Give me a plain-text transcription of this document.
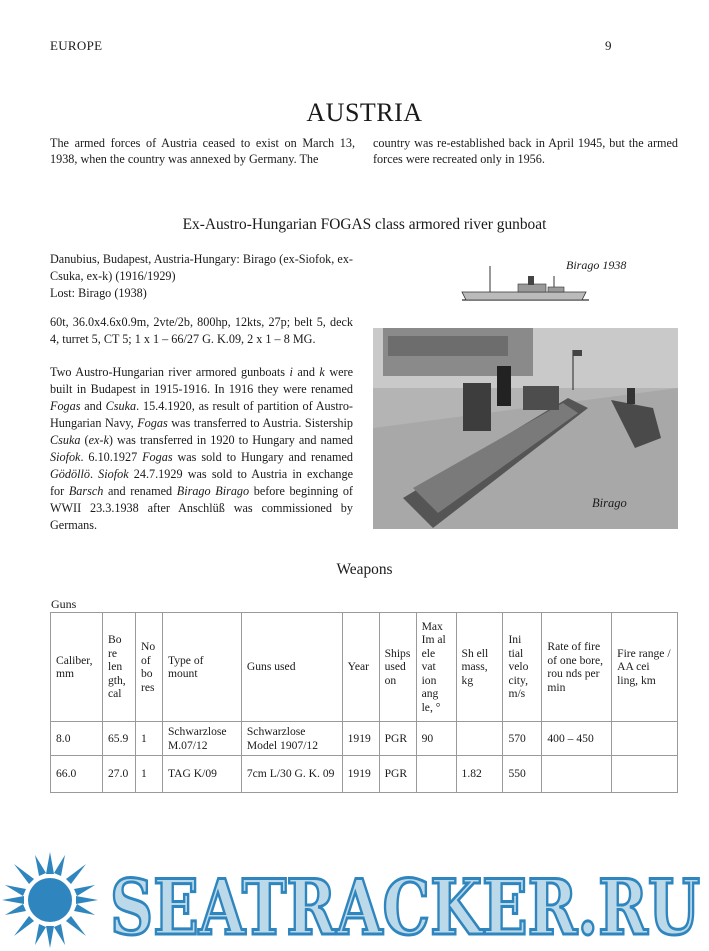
EUROPE	9
AUSTRIA
The armed forces of Austria ceased to exist on March 13, 1938, when the country was annexed by Germany. The
country was re-established back in April 1945, but the armed forces were recreated only in 1956.
Ex-Austro-Hungarian FOGAS class armored river gunboat
Danubius, Budapest, Austria-Hungary: Birago (ex-Siofok, ex-Csuka, ex-k) (1916/1929)
Lost: Birago (1938)
60t, 36.0x4.6x0.9m, 2vte/2b, 800hp, 12kts, 27p; belt 5, deck 4, turret 5, CT 5; 1 x 1 – 66/27 G. K.09, 2 x 1 – 8 MG.
Two Austro-Hungarian river armored gunboats i and k were built in Budapest in 1915-1916. In 1916 they were renamed Fogas and Csuka. 15.4.1920, as result of partition of Austro-Hungarian Navy, Fogas was transferred to Austria. Sistership Csuka (ex-k) was transferred in 1920 to Hungary and named Siofok. 6.10.1927 Fogas was sold to Hungary and renamed Gödöllö. Siofok 24.7.1929 was sold to Austria in exchange for Barsch and renamed Birago Birago before beginning of WWII 23.3.1938 after Anschlüß was commissioned by Germans.
Birago 1938
Birago
Weapons
Guns
Caliber, mm	Bo re len gth, cal	No of bo res	Type of mount	Guns used	Year	Ships used on	Max Im al ele vat ion ang le, °	Sh ell mass, kg	Ini tial velo city, m/s	Rate of fire of one bore, rou nds per min	Fire range / AA cei ling, km
8.0	65.9	1	Schwarzlose M.07/12	Schwarzlose Model 1907/12	1919	PGR	90		570	400 – 450	
66.0	27.0	1	TAG K/09	7cm L/30 G. K. 09	1919	PGR		1.82	550		
SEATRACKER.RU
